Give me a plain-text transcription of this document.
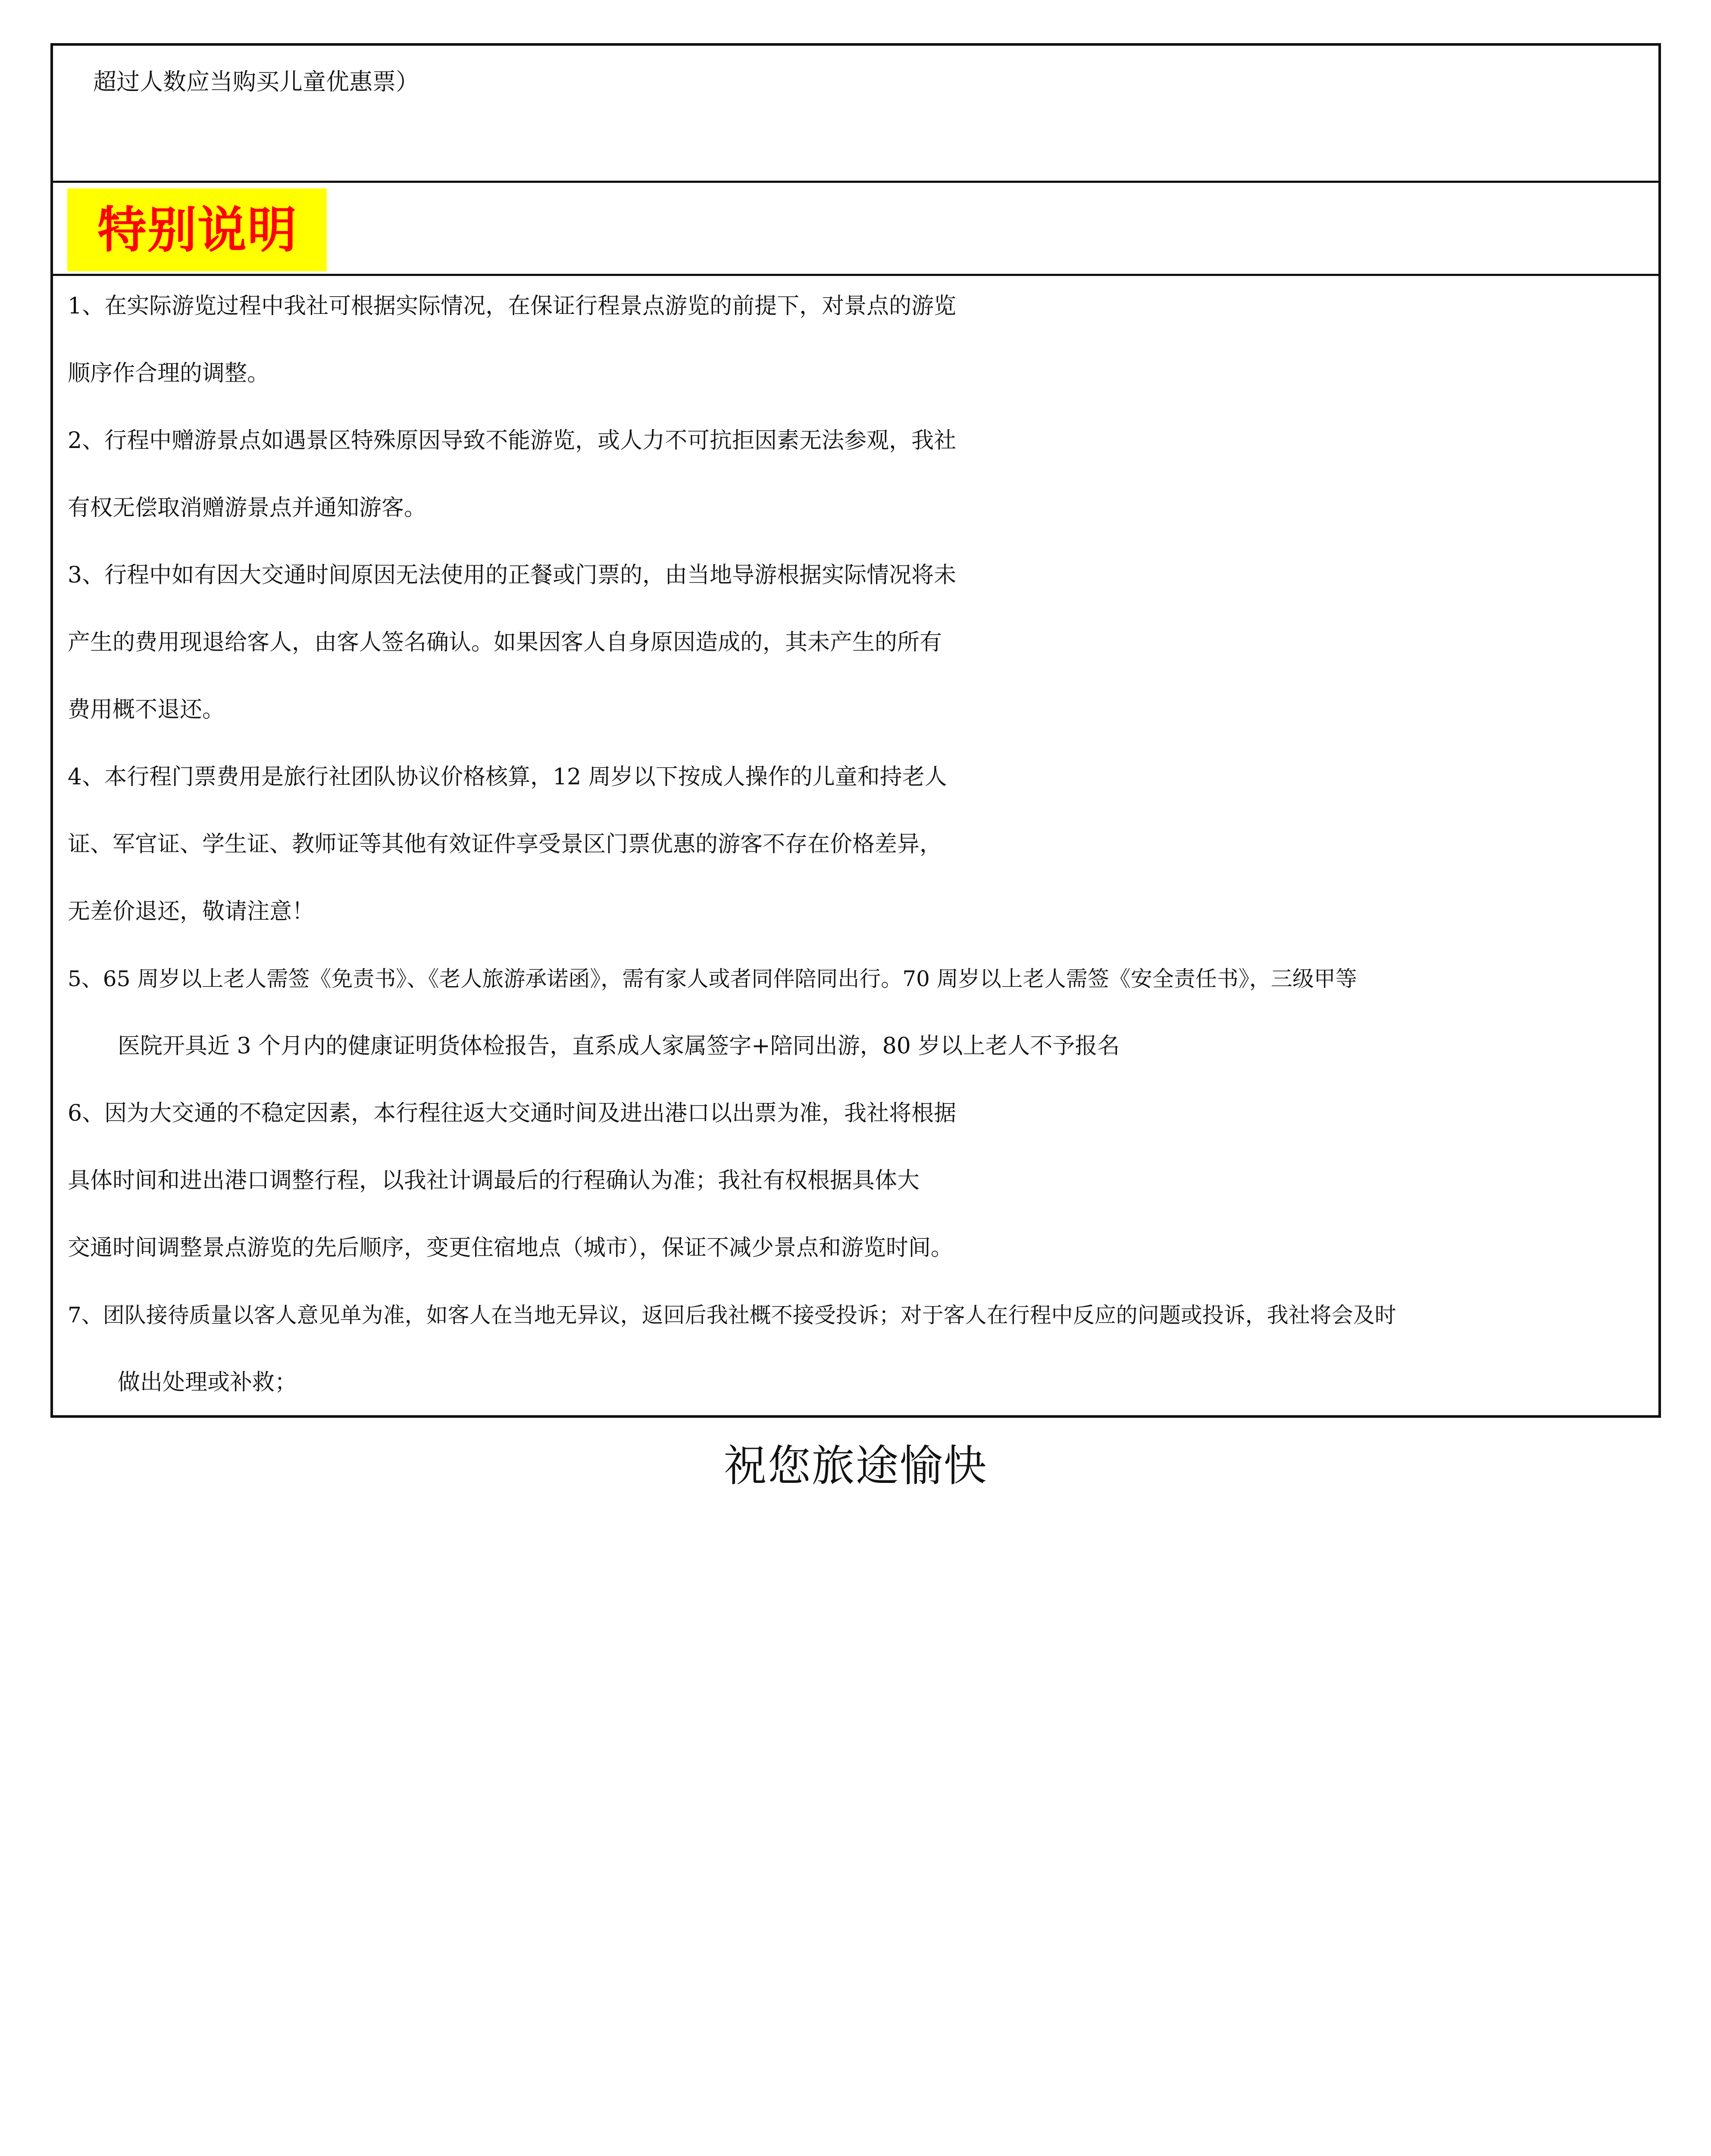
超过人数应当购买儿童优惠票）
特别说明
1、在实际游览过程中我社可根据实际情况，在保证行程景点游览的前提下，对景点的游览
顺序作合理的调整。
2、行程中赠游景点如遇景区特殊原因导致不能游览，或人力不可抗拒因素无法参观，我社
有权无偿取消赠游景点并通知游客。
3、行程中如有因大交通时间原因无法使用的正餐或门票的，由当地导游根据实际情况将未
产生的费用现退给客人，由客人签名确认。如果因客人自身原因造成的，其未产生的所有
费用概不退还。
4、本行程门票费用是旅行社团队协议价格核算，12 周岁以下按成人操作的儿童和持老人
证、军官证、学生证、教师证等其他有效证件享受景区门票优惠的游客不存在价格差异，
无差价退还，敬请注意！
5、65 周岁以上老人需签《免责书》、《老人旅游承诺函》，需有家人或者同伴陪同出行。70 周岁以上老人需签《安全责任书》，三级甲等
医院开具近 3 个月内的健康证明货体检报告，直系成人家属签字+陪同出游，80 岁以上老人不予报名
6、因为大交通的不稳定因素，本行程往返大交通时间及进出港口以出票为准，我社将根据
具体时间和进出港口调整行程，以我社计调最后的行程确认为准；我社有权根据具体大
交通时间调整景点游览的先后顺序，变更住宿地点（城市），保证不减少景点和游览时间。
7、团队接待质量以客人意见单为准，如客人在当地无异议，返回后我社概不接受投诉；对于客人在行程中反应的问题或投诉，我社将会及时
做出处理或补救；
祝您旅途愉快
